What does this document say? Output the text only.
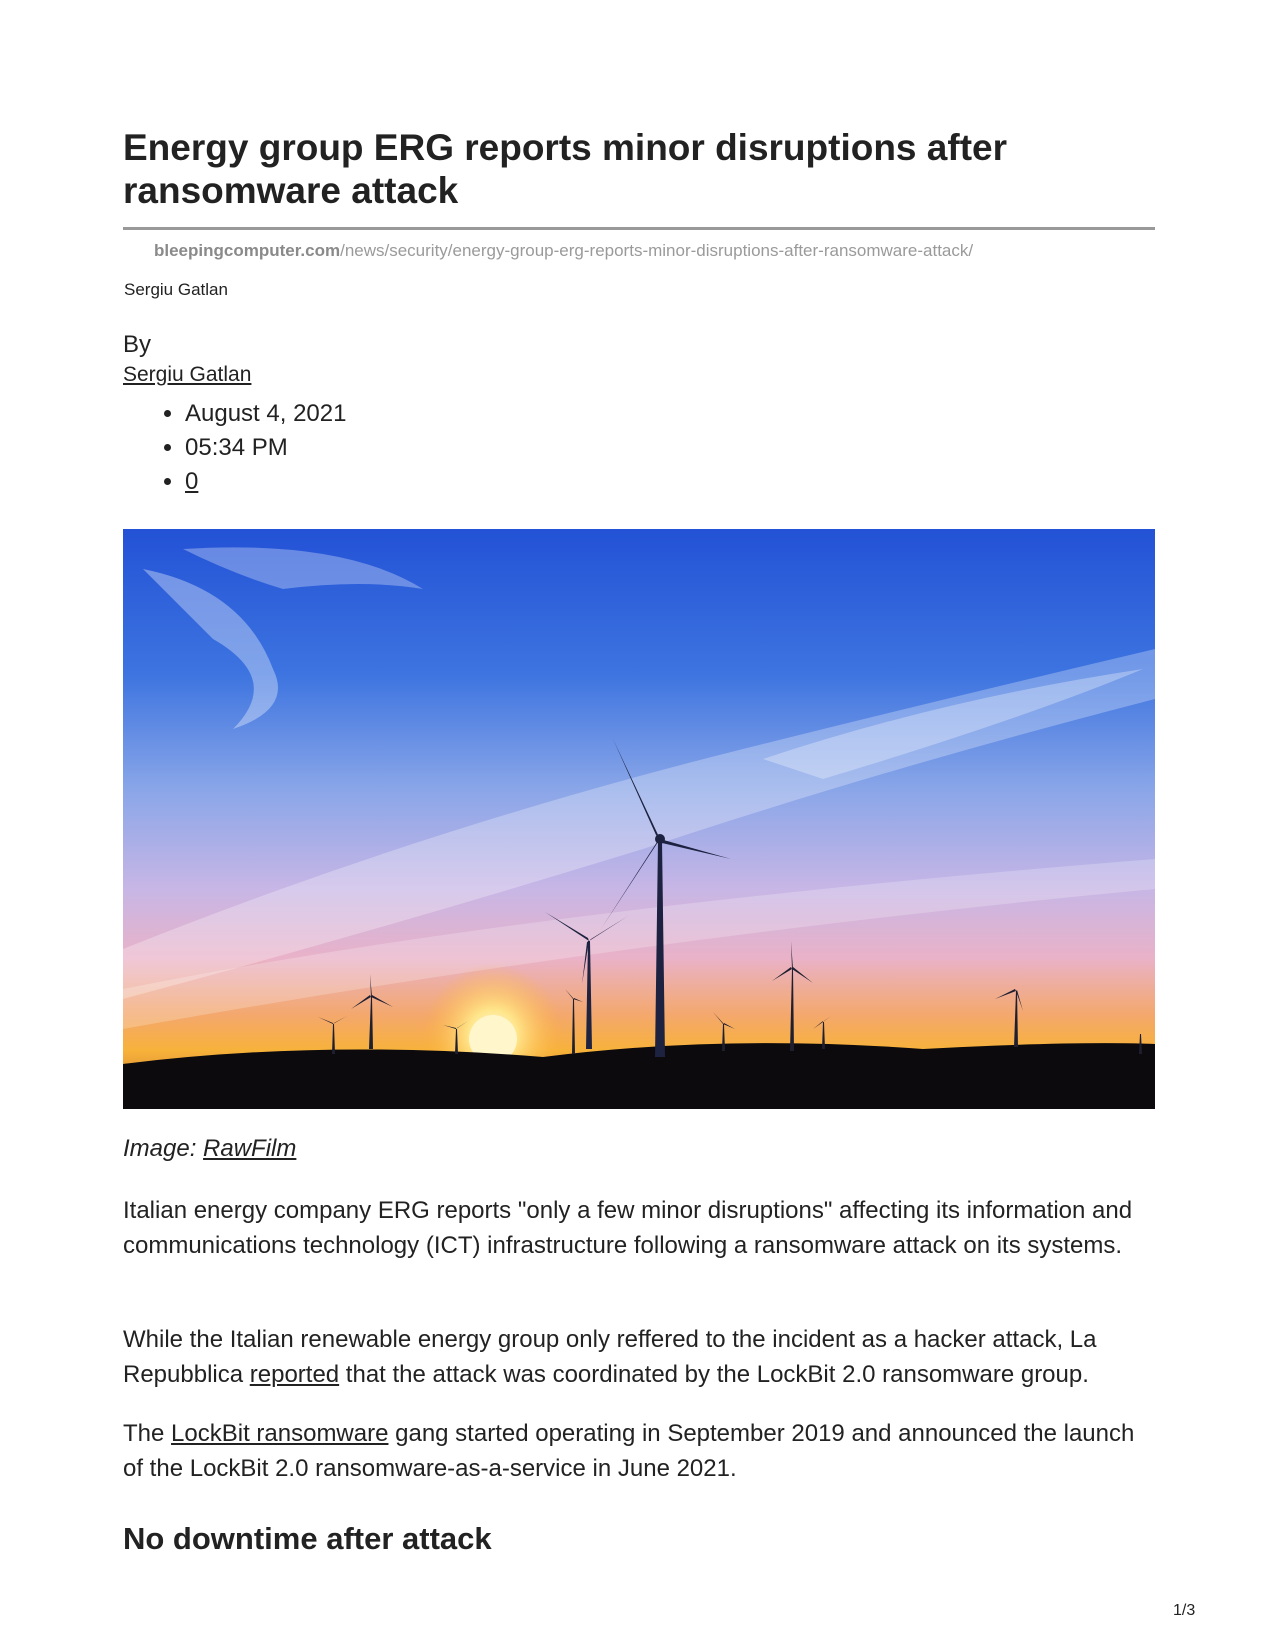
Energy group ERG reports minor disruptions after ransomware attack
bleepingcomputer.com/news/security/energy-group-erg-reports-minor-disruptions-after-ransomware-attack/
Sergiu Gatlan
By
Sergiu Gatlan
• August 4, 2021
• 05:34 PM
• 0
Image: RawFilm

Italian energy company ERG reports "only a few minor disruptions" affecting its information and communications technology (ICT) infrastructure following a ransomware attack on its systems.

While the Italian renewable energy group only reffered to the incident as a hacker attack, La Repubblica reported that the attack was coordinated by the LockBit 2.0 ransomware group.

The LockBit ransomware gang started operating in September 2019 and announced the launch of the LockBit 2.0 ransomware-as-a-service in June 2021.

No downtime after attack
1/3
